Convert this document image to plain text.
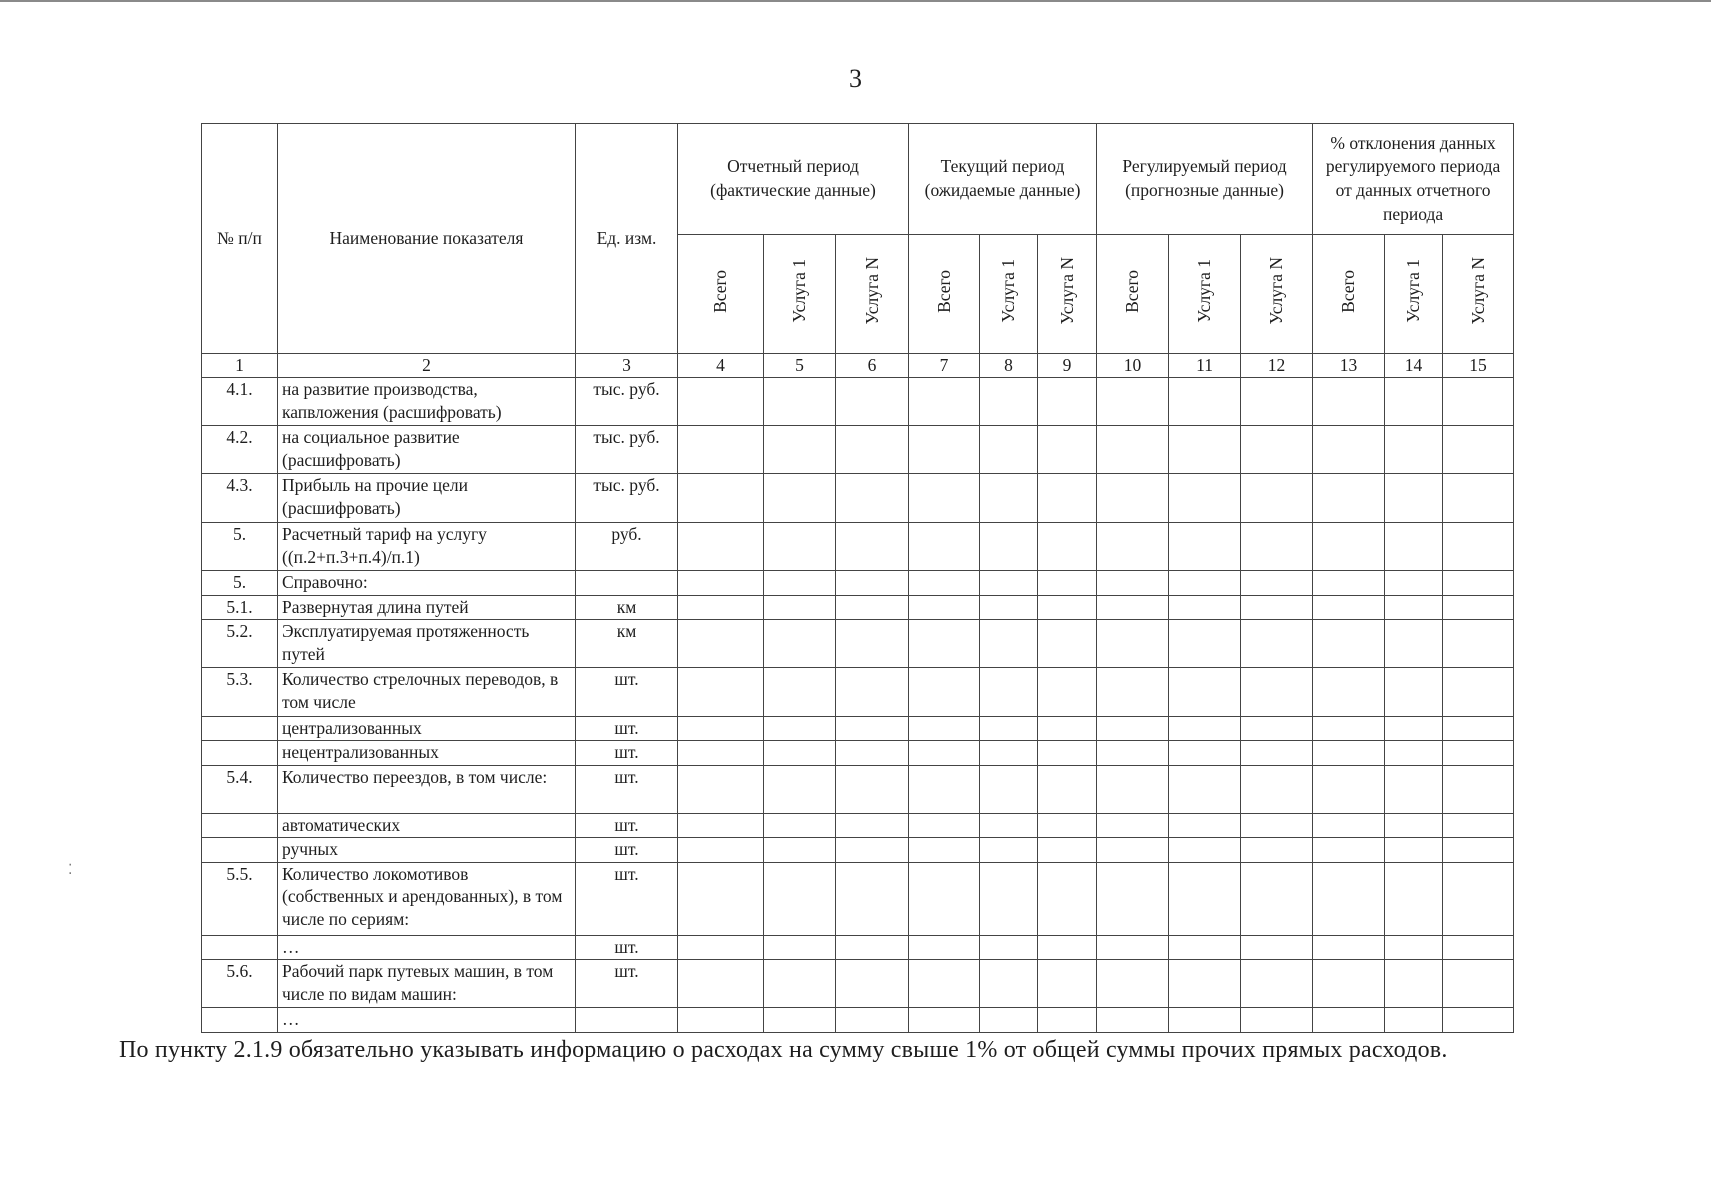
3
№ п/п	Наименование показателя	Ед. изм.	Отчетный период (фактические данные)			Текущий период (ожидаемые данные)			Регулируемый период (прогнозные данные)			% отклонения данных регулируемого периода от данных отчетного периода		
			Всего	Услуга 1	Услуга N	Всего	Услуга 1	Услуга N	Всего	Услуга 1	Услуга N	Всего	Услуга 1	Услуга N
1	2	3	4	5	6	7	8	9	10	11	12	13	14	15
4.1.	на развитие производства, капвложения (расшифровать)	тыс. руб.												
4.2.	на социальное развитие (расшифровать)	тыс. руб.												
4.3.	Прибыль на прочие цели (расшифровать)	тыс. руб.												
5.	Расчетный тариф на услугу ((п.2+п.3+п.4)/п.1)	руб.												
5.	Справочно:													
5.1.	Развернутая длина путей	км												
5.2.	Эксплуатируемая протяженность путей	км												
5.3.	Количество стрелочных переводов, в том числе	шт.												
	централизованных	шт.												
	нецентрализованных	шт.												
5.4.	Количество переездов, в том числе:	шт.												
	автоматических	шт.												
	ручных	шт.												
5.5.	Количество локомотивов (собственных и арендованных), в том числе по сериям:	шт.												
	…	шт.												
5.6.	Рабочий парк путевых машин, в том числе по видам машин:	шт.												
	…													
По пункту 2.1.9 обязательно указывать информацию о расходах на сумму свыше 1% от общей суммы прочих прямых расходов.
⁚
